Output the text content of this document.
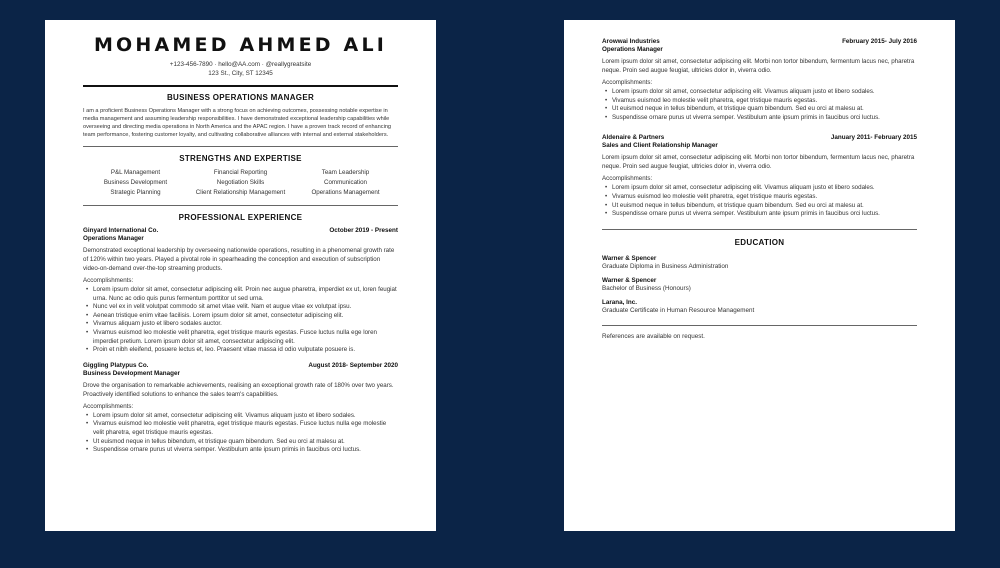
MOHAMED AHMED ALI
+123-456-7890 · hello@AA.com · @reallygreatsite
123 St., City, ST 12345
BUSINESS OPERATIONS MANAGER
I am a proficient Business Operations Manager with a strong focus on achieving outcomes, possessing notable expertise in media management and assuming leadership responsibilities. I have demonstrated exceptional leadership capabilities while overseeing and directing media operations in North America and the APAC region. I have a proven track record of enhancing team performance, fostering customer loyalty, and cultivating collaborative alliances with internal and external stakeholders.
STRENGTHS AND EXPERTISE
P&L Management	Financial Reporting	Team Leadership
Business Development	Negotiation Skills	Communication
Strategic Planning	Client Relationship Management	Operations Management
PROFESSIONAL EXPERIENCE
Ginyard International Co.	October 2019 - Present
Operations Manager
Demonstrated exceptional leadership by overseeing nationwide operations, resulting in a phenomenal growth rate of 120% within two years. Played a pivotal role in spearheading the conception and execution of subscription video-on-demand over-the-top streaming products.
Accomplishments:
• Lorem ipsum dolor sit amet, consectetur adipiscing elit. Proin nec augue pharetra, imperdiet ex ut, loren feugiat urna. Nunc ac odio quis purus fermentum porttitor ut sed urna.
• Nunc vel ex in velit volutpat commodo sit amet vitae velit. Nam et augue vitae ex volutpat ipsu.
• Aenean tristique enim vitae facilisis. Lorem ipsum dolor sit amet, consectetur adipiscing elit.
• Vivamus aliquam justo et libero sodales auctor.
• Vivamus euismod leo molestie velit pharetra, eget tristique mauris egestas. Fusce luctus nulla ege loren imperdiet pretium. Lorem ipsum dolor sit amet, consectetur adipiscing elit.
• Proin et nibh eleifend, posuere lectus et, leo. Praesent vitae massa id odio vulputate posuere is.
Giggling Platypus Co.	August 2018- September 2020
Business Development Manager
Drove the organisation to remarkable achievements, realising an exceptional growth rate of 180% over two years. Proactively identified solutions to enhance the sales team's capabilities.
Accomplishments:
• Lorem ipsum dolor sit amet, consectetur adipiscing elit. Vivamus aliquam justo et libero sodales.
• Vivamus euismod leo molestie velit pharetra, eget tristique mauris egestas. Fusce luctus nulla ege molestie velit pharetra, eget tristique mauris egestas.
• Ut euismod neque in tellus bibendum, et tristique quam bibendum. Sed eu orci at malesu at.
• Suspendisse ornare purus ut viverra semper. Vestibulum ante ipsum primis in faucibus orci luctus.
Arowwai Industries	February 2015- July 2016
Operations Manager
Lorem ipsum dolor sit amet, consectetur adipiscing elit. Morbi non tortor bibendum, fermentum lacus nec, pharetra neque. Proin sed augue feugiat, ultricies dolor in, viverra odio.
Accomplishments:
• Lorem ipsum dolor sit amet, consectetur adipiscing elit. Vivamus aliquam justo et libero sodales.
• Vivamus euismod leo molestie velit pharetra, eget tristique mauris egestas.
• Ut euismod neque in tellus bibendum, et tristique quam bibendum. Sed eu orci at malesu at.
• Suspendisse ornare purus ut viverra semper. Vestibulum ante ipsum primis in faucibus orci luctus.
Aldenaire & Partners	January 2011- February 2015
Sales and Client Relationship Manager
Lorem ipsum dolor sit amet, consectetur adipiscing elit. Morbi non tortor bibendum, fermentum lacus nec, pharetra neque. Proin sed augue feugiat, ultricies dolor in, viverra odio.
Accomplishments:
• Lorem ipsum dolor sit amet, consectetur adipiscing elit. Vivamus aliquam justo et libero sodales.
• Vivamus euismod leo molestie velit pharetra, eget tristique mauris egestas.
• Ut euismod neque in tellus bibendum, et tristique quam bibendum. Sed eu orci at malesu at.
• Suspendisse ornare purus ut viverra semper. Vestibulum ante ipsum primis in faucibus orci luctus.
EDUCATION
Warner & Spencer
Graduate Diploma in Business Administration
Warner & Spencer
Bachelor of Business (Honours)
Larana, Inc.
Graduate Certificate in Human Resource Management
References are available on request.
